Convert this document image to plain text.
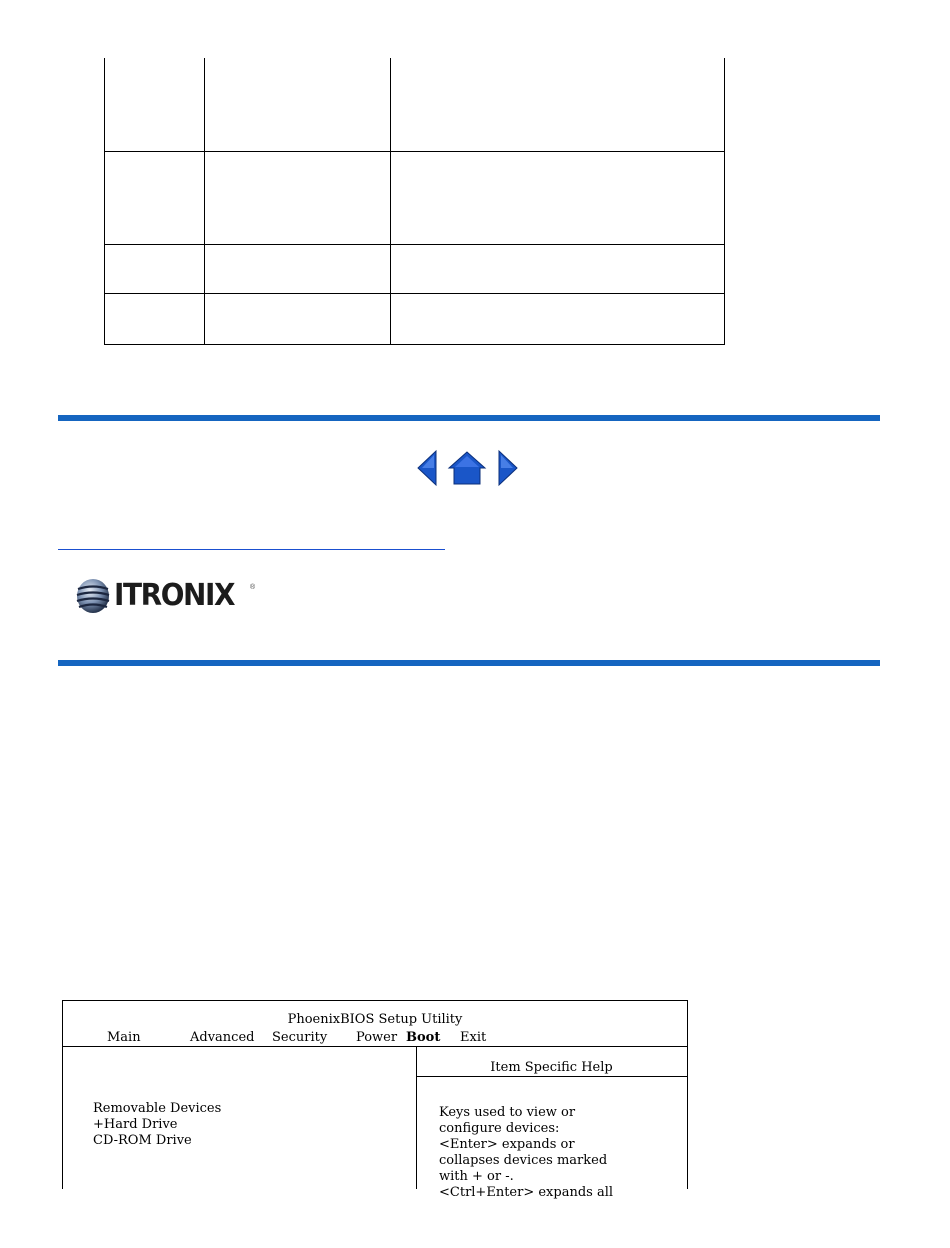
ITRONIX ®
PhoenixBIOS Setup Utility
Main	Advanced Security Power Boot Exit
Item Specific Help
Removable Devices
+Hard Drive
CD-ROM Drive
Keys used to view or
configure devices:
<Enter> expands or
collapses devices marked
with + or -.
<Ctrl+Enter> expands all
